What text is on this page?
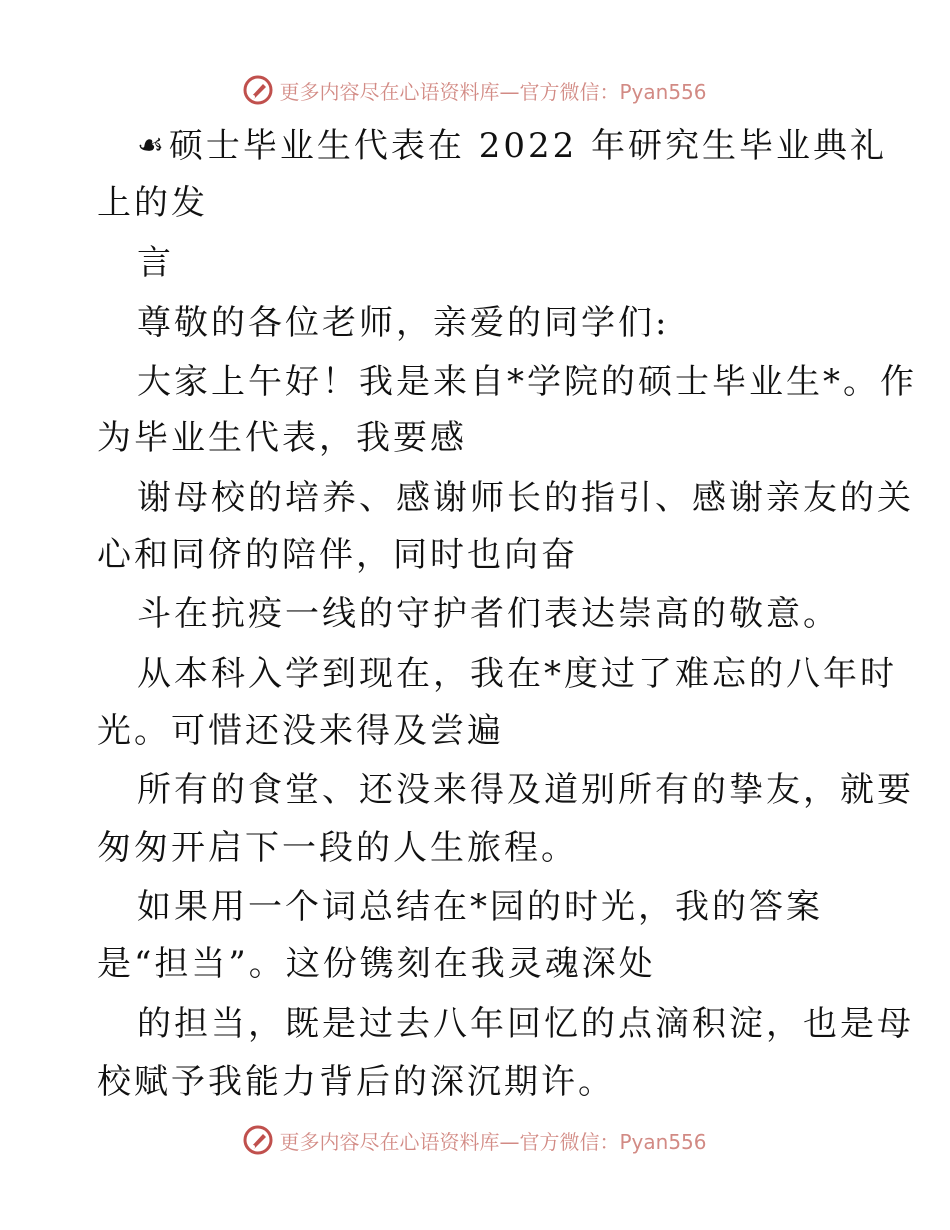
更多内容尽在心语资料库—官方微信：Pyan556
☙硕士毕业生代表在 2022 年研究生毕业典礼
上的发
言
尊敬的各位老师，亲爱的同学们:
大家上午好！我是来自*学院的硕士毕业生*。作
为毕业生代表，我要感
谢母校的培养、感谢师长的指引、感谢亲友的关
心和同侪的陪伴，同时也向奋
斗在抗疫一线的守护者们表达崇高的敬意。
从本科入学到现在，我在*度过了难忘的八年时
光。可惜还没来得及尝遍
所有的食堂、还没来得及道别所有的挚友，就要
匆匆开启下一段的人生旅程。
如果用一个词总结在*园的时光，我的答案
是“担当”。这份镌刻在我灵魂深处
的担当，既是过去八年回忆的点滴积淀，也是母
校赋予我能力背后的深沉期许。
更多内容尽在心语资料库—官方微信：Pyan556
